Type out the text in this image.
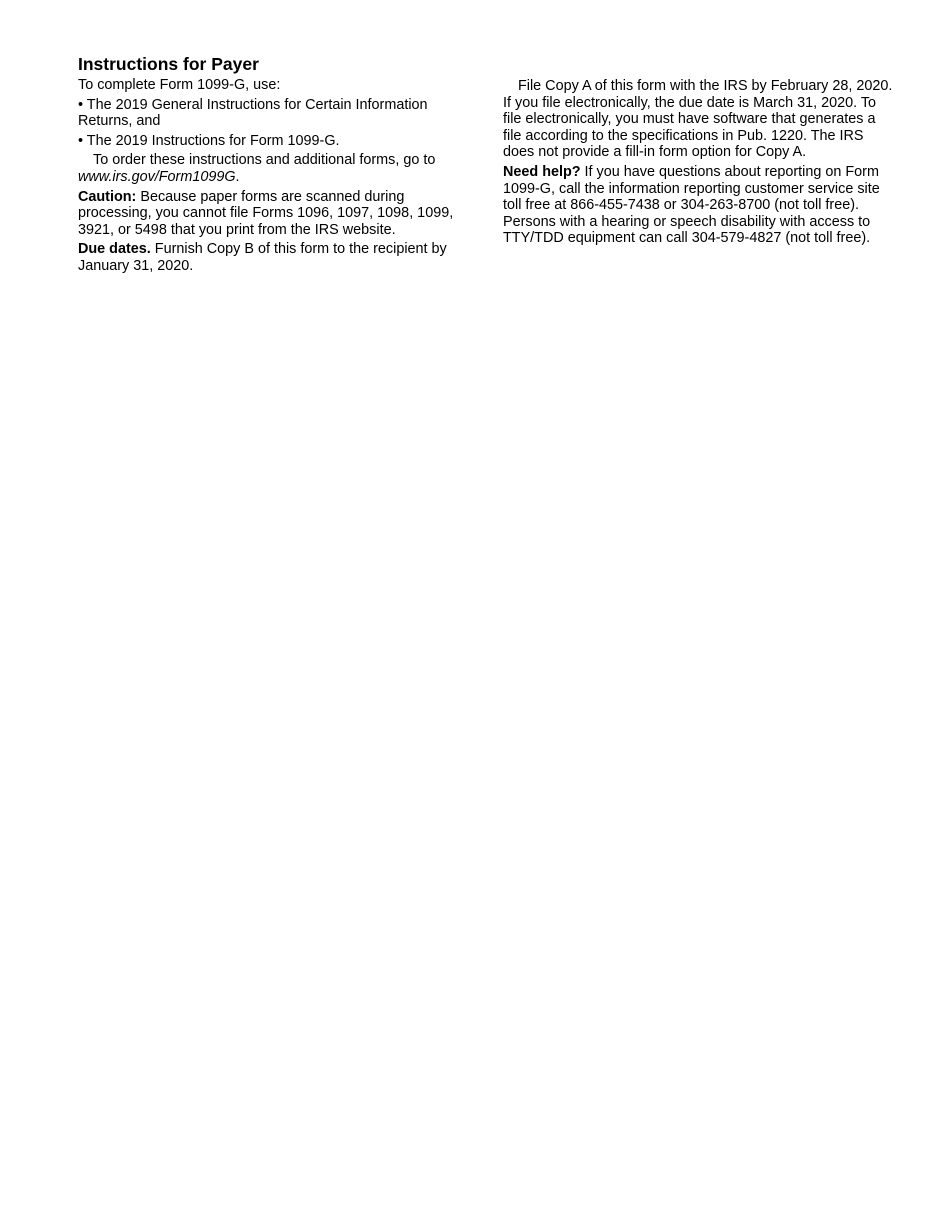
Instructions for Payer

To complete Form 1099-G, use:

• The 2019 General Instructions for Certain Information Returns, and

• The 2019 Instructions for Form 1099-G.

To order these instructions and additional forms, go to www.irs.gov/Form1099G.

Caution: Because paper forms are scanned during processing, you cannot file Forms 1096, 1097, 1098, 1099, 3921, or 5498 that you print from the IRS website.

Due dates. Furnish Copy B of this form to the recipient by January 31, 2020.

File Copy A of this form with the IRS by February 28, 2020. If you file electronically, the due date is March 31, 2020. To file electronically, you must have software that generates a file according to the specifications in Pub. 1220. The IRS does not provide a fill-in form option for Copy A.

Need help? If you have questions about reporting on Form 1099-G, call the information reporting customer service site toll free at 866-455-7438 or 304-263-8700 (not toll free). Persons with a hearing or speech disability with access to TTY/TDD equipment can call 304-579-4827 (not toll free).
